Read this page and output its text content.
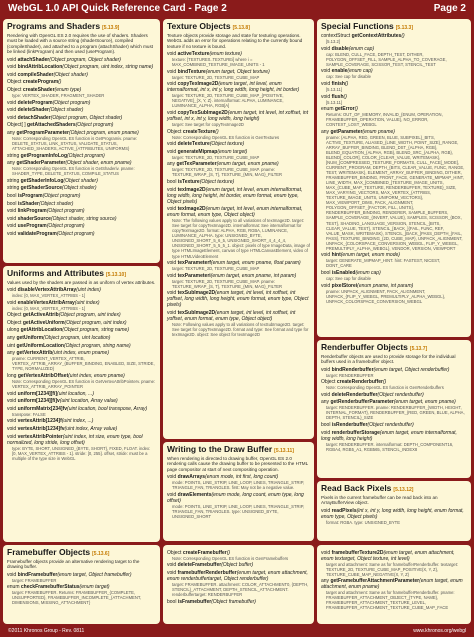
WebGL 1.0 API Quick Reference Card - Page 2	Page 2
Programs and Shaders [5.13.9]
Rendering with OpenGL ES 2.0 requires the use of shaders. Shaders must be loaded with a source string (shaderSource), compiled (compileShader), and attached to a program (attachShader) which must be linked (linkProgram) and then used (useProgram).
void attachShader(Object program, Object shader)
void bindAttribLocation(Object program, uint index, string name)
void compileShader(Object shader)
Object createProgram()
Object createShader(enum type)
type: VERTEX_SHADER, FRAGMENT_SHADER
void deleteProgram(Object program)
void deleteShader(Object shader)
void detachShader(Object program, Object shader)
Object[ ] getAttachedShaders(Object program)
any getProgramParameter(Object program, enum pname)
Note: Corresponding OpenGL ES function is GetProgramiv. pname: DELETE_STATUS, LINK_STATUS, VALIDATE_STATUS, ATTACHED_SHADERS, ACTIVE_{ATTRIBUTES, UNIFORMS}
string getProgramInfoLog(Object program)
any getShaderParameter(Object shader, enum pname)
Note: Corresponding OpenGL ES function is GetShaderiv. pname: SHADER_TYPE, DELETE_STATUS, COMPILE_STATUS
string getShaderInfoLog(Object shader)
string getShaderSource(Object shader)
bool isProgram(Object program)
bool isShader(Object shader)
void linkProgram(Object program)
void shaderSource(Object shader, string source)
void useProgram(Object program)
void validateProgram(Object program)
Uniforms and Attributes [5.13.10]
Values used by the shaders are passed in as uniform of vertex attributes.
void disableVertexAttribArray(uint index)
index: [0, MAX_VERTEX_ATTRIBS - 1]
void enableVertexAttribArray(uint index)
index: [0, MAX_VERTEX_ATTRIBS - 1]
Object getActiveAttrib(Object program, uint index)
Object getActiveUniform(Object program, uint index)
ulong getAttribLocation(Object program, string name)
any getUniform(Object program, uint location)
uint getUniformLocation(Object program, string name)
any getVertexAttrib(uint index, enum pname)
pname: CURRENT_VERTEX_ATTRIB, VERTEX_ATTRIB_ARRAY_{BUFFER_BINDING, ENABLED, SIZE, STRIDE, TYPE, NORMALIZED}
long getVertexAttribOffset(uint index, enum pname)
Note: Corresponding OpenGL ES function is GetVertexAttribPointerv. pname: VERTEX_ATTRIB_ARRAY_POINTER
void uniform[1234][fi](uint location, ...)
void uniform[1234][fi]v(uint location, Array value)
void uniformMatrix[234]fv(uint location, bool transpose, Array)
transpose: FALSE
void vertexAttrib[1234]f(uint index, ...)
void vertexAttrib[1234]fv(uint index, Array value)
void vertexAttribPointer(uint index, int size, enum type, bool normalized, long stride, long offset)
type: BYTE, SHORT, UNSIGNED_{BYTE, SHORT}, FIXED, FLOAT. index: [0, MAX_VERTEX_ATTRIBS - 1]. stride: [0, 255]. offset, stride: must be a multiple of the type size in WebGL
Framebuffer Objects [5.13.6]
Framebuffer objects provide an alternative rendering target to the drawing buffer.
void bindFramebuffer(enum target, Object framebuffer)
target: FRAMEBUFFER
enum checkFramebufferStatus(enum target)
target: FRAMEBUFFER. Returns: FRAMEBUFFER_{COMPLETE, UNSUPPORTED}, FRAMEBUFFER_INCOMPLETE_{ATTACHMENT, DIMENSIONS, MISSING_ATTACHMENT}
Texture Objects [5.13.8]
Texture objects provide storage and state for texturing operations. WebGL adds an error for operations relating to the currently bound texture if no texture is bound.
void activeTexture(enum texture)
texture: [TEXTURE0..TEXTUREi] where i = MAX_COMBINED_TEXTURE_IMAGE_UNITS - 1
void bindTexture(enum target, Object texture)
target: TEXTURE_2D, TEXTURE_CUBE_MAP
void copyTexImage2D(enum target, int level, enum internalformat, int x, int y, long width, long height, int border)
target: TEXTURE_2D, TEXTURE_CUBE_MAP_{POSITIVE, NEGATIVE}_{X, Y, Z}. internalformat: ALPHA, LUMINANCE, LUMINANCE_ALPHA, RGB[A]
void copyTexSubImage2D(enum target, int level, int xoffset, int yoffset, int x, int y, long width, long height)
target: See target for copyTexImage2D
Object createTexture()
Note: Corresponding OpenGL ES function is GenTextures
void deleteTexture(Object texture)
void generateMipmap(enum target)
target: TEXTURE_2D, TEXTURE_CUBE_MAP
any getTexParameter(enum target, enum pname)
target: TEXTURE_2D, TEXTURE_CUBE_MAP. pname: TEXTURE_WRAP_{S, T}, TEXTURE_{MIN, MAG}_FILTER
bool isTexture(Object texture)
void texImage2D(enum target, int level, enum internalformat, long width, long height, int border, enum format, enum type, Object pixels)
void texImage2D(enum target, int level, enum internalformat, enum format, enum type, Object object)
Note: The following values apply to all variations of texImage2D. target: See target for copyTexImage2D. internalformat: See internalformat for copyTexImage2D. format: ALPHA, RGB, RGBA, LUMINANCE, LUMINANCE_ALPHA. type: UNSIGNED_BYTE, UNSIGNED_SHORT_5_6_5, UNSIGNED_SHORT_4_4_4_4, UNSIGNED_SHORT_5_5_5_1. object: pixels of type ImageData, image of type HTMLImageElement, canvas of type HTMLCanvasElement, video of type HTMLVideoElement
void texParameterf(enum target, enum pname, float param)
target: TEXTURE_2D, TEXTURE_CUBE_MAP
void texParameteri(enum target, enum pname, int param)
target: TEXTURE_2D, TEXTURE_CUBE_MAP. pname: TEXTURE_WRAP_{S, T}, TEXTURE_{MIN, MAG}_FILTER
void texSubImage2D(enum target, int level, int xoffset, int yoffset, long width, long height, enum format, enum type, Object pixels)
void texSubImage2D(enum target, int level, int xoffset, int yoffset, enum format, enum type, Object object)
Note: Following values apply to all variations of texSubImage2D. target: See target for copyTexImage2D. format and type: See format and type for texImage2D. object: See object for texImage2D
Writing to the Draw Buffer [5.13.11]
When rendering is directed to drawing buffer, OpenGL ES 2.0 rendering calls cause the drawing buffer to be presented to the HTML page compositor at start of next compositing operation.
void drawArrays(enum mode, int first, long count)
mode: POINTS, LINE_STRIP, LINE_LOOP, LINES, TRIANGLE_STRIP, TRIANGLE_FAN, TRIANGLES. first: May not be a negative value.
void drawElements(enum mode, long count, enum type, long offset)
mode: POINTS, LINE_STRIP, LINE_LOOP, LINES, TRIANGLE_STRIP, TRIANGLE_FAN, TRIANGLES. type: UNSIGNED_BYTE, UNSIGNED_SHORT
Object createFramebuffer()
Note: Corresponding OpenGL ES function is GenFramebuffers
void deleteFramebuffer(Object buffer)
void framebufferRenderbuffer(enum target, enum attachment, enum renderbuffertarget, Object renderbuffer)
target: FRAMEBUFFER. attachment: COLOR_ATTACHMENT0, {DEPTH, STENCIL}_ATTACHMENT, DEPTH_STENCIL_ATTACHMENT. renderbuffertarget: RENDERBUFFER
bool isFramebuffer(Object framebuffer)
Special Functions [5.13.3]
contextStruct getContextAttributes()
[5.13.2]
void disable(enum cap)
cap: BLEND, CULL_FACE, DEPTH_TEST, DITHER, POLYGON_OFFSET_FILL, SAMPLE_ALPHA_TO_COVERAGE, SAMPLE_COVERAGE, SCISSOR_TEST, STENCIL_TEST
void enable(enum cap)
cap: See cap for disable
void finish()
[5.13.11]
void flush()
[5.13.11]
enum getError()
Returns: OUT_OF_MEMORY, INVALID_{ENUM, OPERATION, FRAMEBUFFER_OPERATION, VALUE}, NO_ERROR, CONTEXT_LOST_WEBGL
any getParameter(enum pname)
pname: {ALPHA, RED, GREEN, BLUE, SUBPIXEL}_BITS, ACTIVE_TEXTURE, ALIASED_{LINE_WIDTH, POINT_SIZE}_RANGE, ARRAY_BUFFER_BINDING, BLEND_DST_{ALPHA, RGB}, BLEND_EQUATION_{ALPHA, RGB}, BLEND_SRC_{ALPHA, RGB}, BLEND[_COLOR], COLOR_{CLEAR_VALUE, WRITEMASK}, [NUM_]COMPRESSED_TEXTURE_FORMATS, CULL_FACE[_MODE], CURRENT_PROGRAM, DEPTH_{BITS, CLEAR_VALUE, FUNC, RANGE, TEST, WRITEMASK}, ELEMENT_ARRAY_BUFFER_BINDING, DITHER, FRAMEBUFFER_BINDING, FRONT_FACE, GENERATE_MIPMAP_HINT, LINE_WIDTH, MAX_[COMBINED_]TEXTURE_IMAGE_UNITS, MAX_{CUBE_MAP_TEXTURE, RENDERBUFFER, TEXTURE}_SIZE, MAX_VARYING_VECTORS, MAX_VERTEX_{ATTRIBS, TEXTURE_IMAGE_UNITS, UNIFORM_VECTORS}, MAX_VIEWPORT_DIMS, PACK_ALIGNMENT, POLYGON_OFFSET_{FACTOR, FILL, UNITS}, RENDERBUFFER_BINDING, RENDERER, SAMPLE_BUFFERS, SAMPLE_COVERAGE_{INVERT, VALUE}, SAMPLES, SCISSOR_{BOX, TEST}, SHADING_LANGUAGE_VERSION, STENCIL_{BITS, CLEAR_VALUE, TEST}, STENCIL_[BACK_]{FAIL, FUNC, REF, VALUE_MASK, WRITEMASK}, STENCIL_[BACK_]PASS_DEPTH_{FAIL, PASS}, TEXTURE_BINDING_{2D, CUBE_MAP}, UNPACK_ALIGNMENT, UNPACK_{COLORSPACE_CONVERSION_WEBGL, FLIP_Y_WEBGL, PREMULTIPLY_ALPHA_WEBGL}, VENDOR, VERSION, VIEWPORT
void hint(enum target, enum mode)
target: GENERATE_MIPMAP_HINT. hint: FASTEST, NICEST, DONT_CARE
bool isEnabled(enum cap)
cap: See cap for disable
void pixelStorei(enum pname, int param)
pname: UNPACK_ALIGNMENT, PACK_ALIGNMENT, UNPACK_{FLIP_Y_WEBGL, PREMULTIPLY_ALPHA_WEBGL}, UNPACK_COLORSPACE_CONVERSION_WEBGL
Renderbuffer Objects [5.13.7]
Renderbuffer objects are used to provide storage for the individual buffers used in a framebuffer object.
void bindRenderbuffer(enum target, Object renderbuffer)
target: RENDERBUFFER
Object createRenderbuffer()
Note: Corresponding OpenGL ES function is GenRenderbuffers
void deleteRenderbuffer(Object renderbuffer)
any getRenderbufferParameter(enum target, enum pname)
target: RENDERBUFFER. pname: RENDERBUFFER_{WIDTH, HEIGHT, INTERNAL_FORMAT}, RENDERBUFFER_{RED, GREEN, BLUE, ALPHA, DEPTH, STENCIL}_SIZE
bool isRenderbuffer(Object renderbuffer)
void renderbufferStorage(enum target, enum internalformat, long width, long height)
target: RENDERBUFFER. internalformat: DEPTH_COMPONENT16, RGBA4, RGB5_A1, RGB565, STENCIL_INDEX8
Read Back Pixels [5.13.12]
Pixels in the current framebuffer can be read back into an ArrayBufferView object.
void readPixels(int x, int y, long width, long height, enum format, enum type, Object pixels)
format: RGBA. type: UNSIGNED_BYTE
void framebufferTexture2D(enum target, enum attachment, enum textarget, Object texture, int level)
target and attachment: Same as for framebufferRenderbuffer. textarget: TEXTURE_2D, TEXTURE_CUBE_MAP_POSITIVE{X, Y, Z}, TEXTURE_CUBE_MAP_NEGATIVE{X, Y, Z}
any getFramebufferAttachmentParameter(enum target, enum attachment, enum pname)
target and attachment: Same as for framebufferRenderbuffer. pname: FRAMEBUFFER_ATTACHMENT_OBJECT_{TYPE, NAME}, FRAMEBUFFER_ATTACHMENT_TEXTURE_LEVEL, FRAMEBUFFER_ATTACHMENT_TEXTURE_CUBE_MAP_FACE
©2011 Khronos Group - Rev. 0811	www.khronos.org/webgl
